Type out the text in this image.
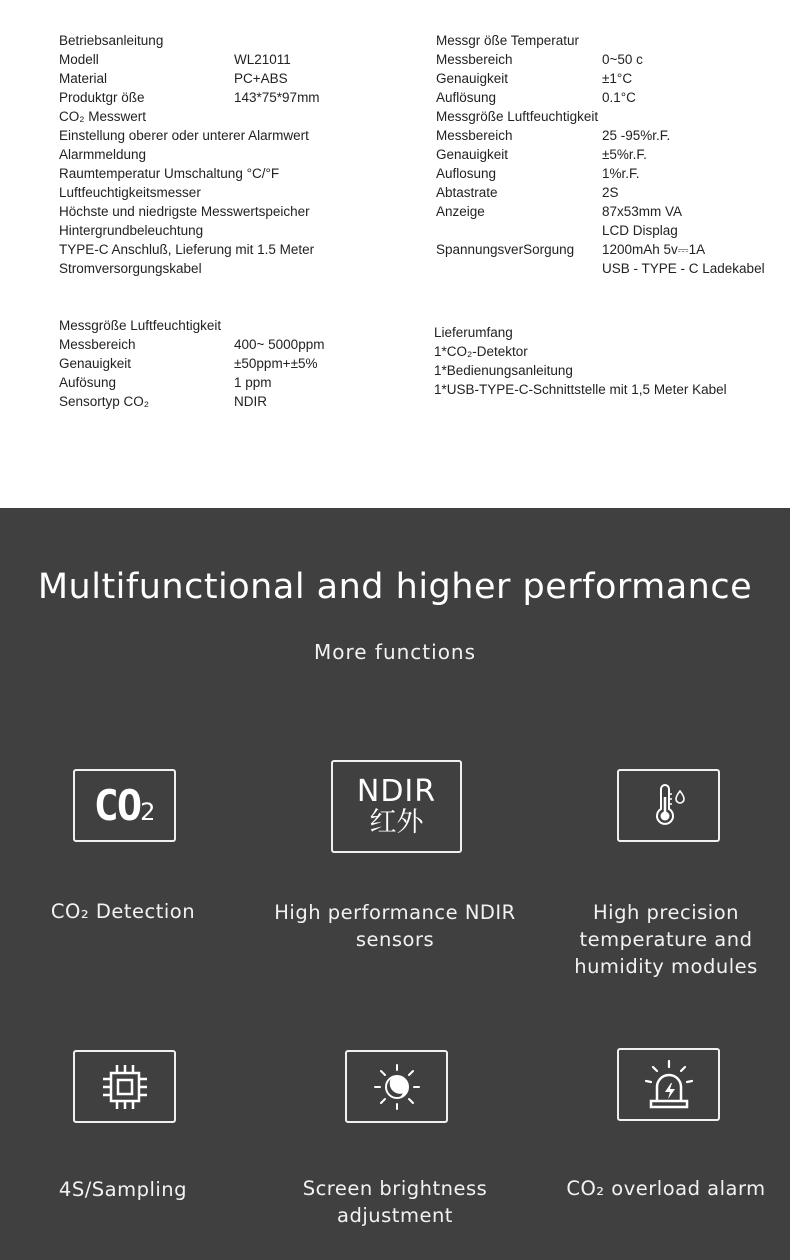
Betriebsanleitung
Modell	WL21011
Material	PC+ABS
Produktgr öße	143*75*97mm
CO₂ Messwert
Einstellung oberer oder unterer Alarmwert
Alarmmeldung
Raumtemperatur Umschaltung °C/°F
Luftfeuchtigkeitsmesser
Höchste und niedrigste Messwertspeicher
Hintergrundbeleuchtung
TYPE-C Anschluß, Lieferung mit 1.5 Meter
Stromversorgungskabel
Messgr öße Temperatur
Messbereich	0~50 c
Genauigkeit	±1°C
Auflösung	0.1°C
Messgröße Luftfeuchtigkeit
Messbereich	25 -95%r.F.
Genauigkeit	±5%r.F.
Auflosung	1%r.F.
Abtastrate	2S
Anzeige	87x53mm VA
LCD Displag
SpannungsverSorgung 1200mAh 5v⎓1A
USB - TYPE - C Ladekabel
Messgröße Luftfeuchtigkeit
Messbereich	400~ 5000ppm
Genauigkeit	±50ppm+±5%
Aufösung	1 ppm
Sensortyp CO₂	NDIR
Lieferumfang
1*CO₂-Detektor
1*Bedienungsanleitung
1*USB-TYPE-C-Schnittstelle mit 1,5 Meter Kabel
Multifunctional and higher performance
More functions
CO 2
NDIR
红外
CO₂ Detection	High performance NDIR sensors
High precision temperature and humidity modules
4S/Sampling	Screen brightness adjustment
CO₂ overload alarm
